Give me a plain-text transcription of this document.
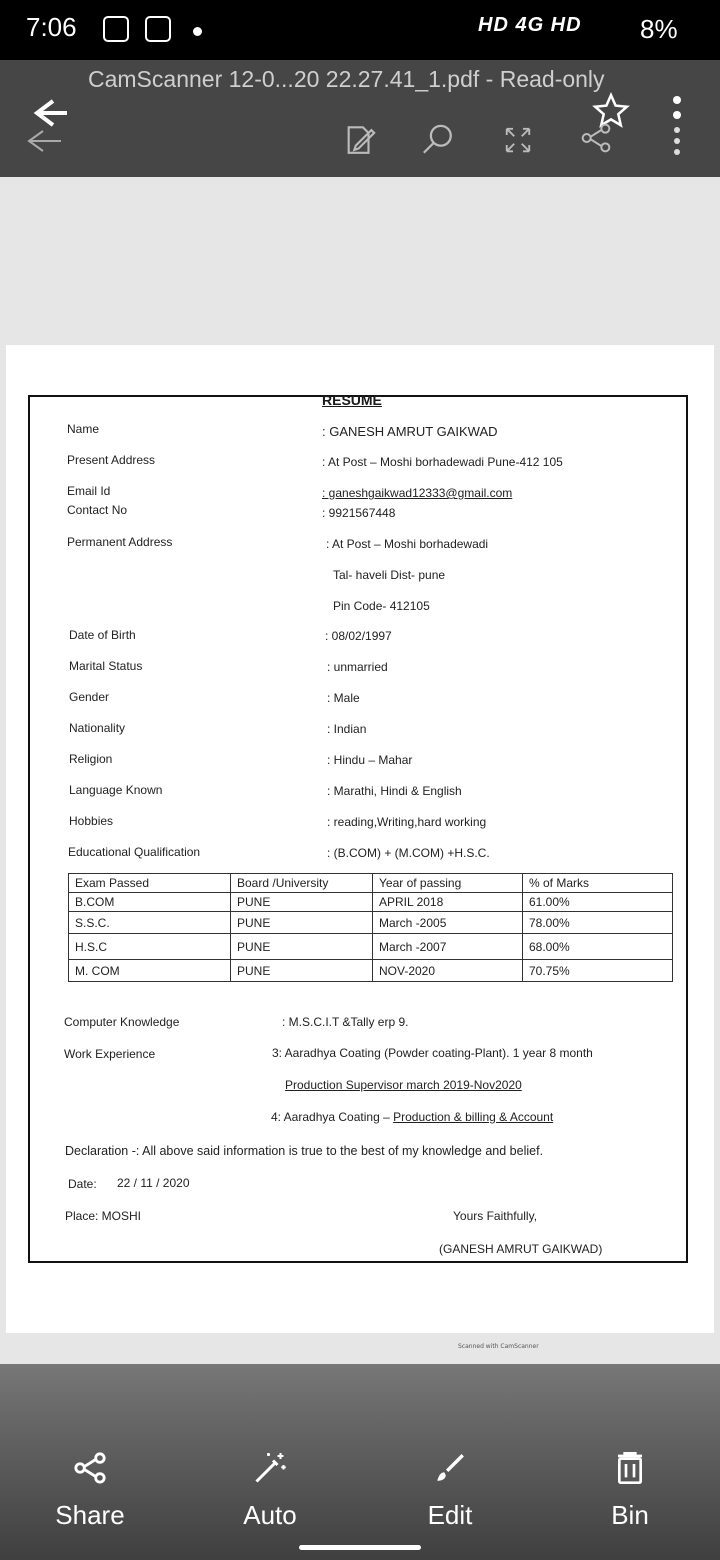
7:06	HD 4G HD 8%
CamScanner 12-0...20 22.27.41_1.pdf - Read-only
RESUME
Name	: GANESH AMRUT GAIKWAD
Present Address	: At Post – Moshi borhadewadi Pune-412 105
Email Id	: ganeshgaikwad12333@gmail.com
Contact No	: 9921567448
Permanent Address	: At Post – Moshi borhadewadi
Tal- haveli Dist- pune
Pin Code- 412105
Date of Birth	: 08/02/1997
Marital Status	: unmarried
Gender	: Male
Nationality	: Indian
Religion	: Hindu – Mahar
Language Known	: Marathi, Hindi & English
Hobbies	: reading,Writing,hard working
Educational Qualification	: (B.COM) + (M.COM) +H.S.C.
Exam Passed	Board /University	Year of passing	% of Marks
B.COM	PUNE	APRIL 2018	61.00%
S.S.C.	PUNE	March -2005	78.00%
H.S.C	PUNE	March -2007	68.00%
M. COM	PUNE	NOV-2020	70.75%
Computer Knowledge	: M.S.C.I.T &Tally erp 9.
Work Experience	3: Aaradhya Coating (Powder coating-Plant). 1 year 8 month
Production Supervisor march 2019-Nov2020
4: Aaradhya Coating – Production & billing & Account
Declaration -: All above said information is true to the best of my knowledge and belief.
Date: 22 / 11 / 2020
Place: MOSHI	Yours Faithfully,
(GANESH AMRUT GAIKWAD)
Scanned with CamScanner
Share	Auto	Edit	Bin
